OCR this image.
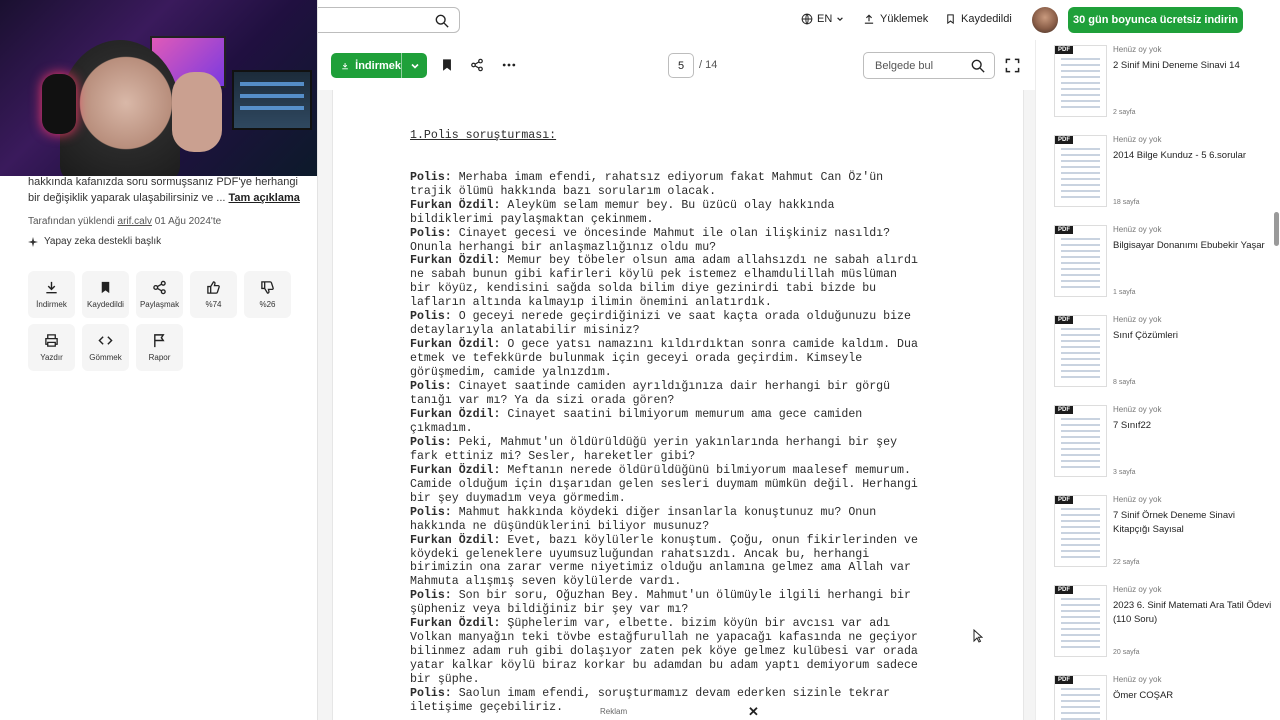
hakkında kafanızda soru sormuşsanız PDF'ye herhangi bir değişiklik yaparak ulaşabilirsiniz ve ... Tam açıklama
Tarafından yüklendi arif.calv 01 Ağu 2024'te
Yapay zeka destekli başlık
İndirmek	Kaydedildi Paylaşmak	%74	%26
Yazdır	Gömmek	Rapor
EN	Yüklemek	Kaydedildi	30 gün boyunca ücretsiz indirin
İndirmek	5	/ 14	Belgede bul

1.Polis soruşturması:

Polis: Merhaba imam efendi, rahatsız ediyorum fakat Mahmut Can Öz'ün
trajik ölümü hakkında bazı sorularım olacak.
Furkan Özdil: Aleyküm selam memur bey. Bu üzücü olay hakkında
bildiklerimi paylaşmaktan çekinmem.
Polis: Cinayet gecesi ve öncesinde Mahmut ile olan ilişkiniz nasıldı?
Onunla herhangi bir anlaşmazlığınız oldu mu?
Furkan Özdil: Memur bey töbeler olsun ama adam allahsızdı ne sabah alırdı
ne sabah bunun gibi kafirleri köylü pek istemez elhamdulillah müslüman
bir köyüz, kendisini sağda solda bilim diye gezinirdi tabi bizde bu
lafların altında kalmayıp ilimin önemini anlatırdık.
Polis: O geceyi nerede geçirdiğinizi ve saat kaçta orada olduğunuzu bize
detaylarıyla anlatabilir misiniz?
Furkan Özdil: O gece yatsı namazını kıldırdıktan sonra camide kaldım. Dua
etmek ve tefekkürde bulunmak için geceyi orada geçirdim. Kimseyle
görüşmedim, camide yalnızdım.
Polis: Cinayet saatinde camiden ayrıldığınıza dair herhangi bir görgü
tanığı var mı? Ya da sizi orada gören?
Furkan Özdil: Cinayet saatini bilmiyorum memurum ama gece camiden
çıkmadım.
Polis: Peki, Mahmut'un öldürüldüğü yerin yakınlarında herhangi bir şey
fark ettiniz mi? Sesler, hareketler gibi?
Furkan Özdil: Meftanın nerede öldürüldüğünü bilmiyorum maalesef memurum.
Camide olduğum için dışarıdan gelen sesleri duymam mümkün değil. Herhangi
bir şey duymadım veya görmedim.
Polis: Mahmut hakkında köydeki diğer insanlarla konuştunuz mu? Onun
hakkında ne düşündüklerini biliyor musunuz?
Furkan Özdil: Evet, bazı köylülerle konuştum. Çoğu, onun fikirlerinden ve
köydeki geleneklere uyumsuzluğundan rahatsızdı. Ancak bu, herhangi
birimizin ona zarar verme niyetimiz olduğu anlamına gelmez ama Allah var
Mahmuta alışmış seven köylülerde vardı.
Polis: Son bir soru, Oğuzhan Bey. Mahmut'un ölümüyle ilgili herhangi bir
şüpheniz veya bildiğiniz bir şey var mı?
Furkan Özdil: Şüphelerim var, elbette. bizim köyün bir avcısı var adı
Volkan manyağın teki tövbe estağfurullah ne yapacağı kafasında ne geçiyor
bilinmez adam ruh gibi dolaşıyor zaten pek köye gelmez kulübesi var orada
yatar kalkar köylü biraz korkar bu adamdan bu adam yaptı demiyorum sadece
bir şüphe.
Polis: Saolun imam efendi, soruşturmamız devam ederken sizinle tekrar
iletişime geçebiliriz.	Reklam	✕
PDF	Henüz oy yok
2 Sinif Mini Deneme Sinavi 14
2 sayfa
PDF	Henüz oy yok
2014 Bilge Kunduz - 5 6.sorular
18 sayfa
PDF	Henüz oy yok
Bilgisayar Donanımı Ebubekir Yaşar
1 sayfa
PDF	Henüz oy yok
Sınıf Çözümleri
8 sayfa
PDF	Henüz oy yok
7 Sınıf22
3 sayfa
PDF	Henüz oy yok
7 Sinif Örnek Deneme Sinavi Kitapçığı Sayısal
22 sayfa
PDF	Henüz oy yok
2023 6. Sinif Matemati Ara Tatil Ödevi (110 Soru)
20 sayfa
PDF	Henüz oy yok
Ömer COŞAR
